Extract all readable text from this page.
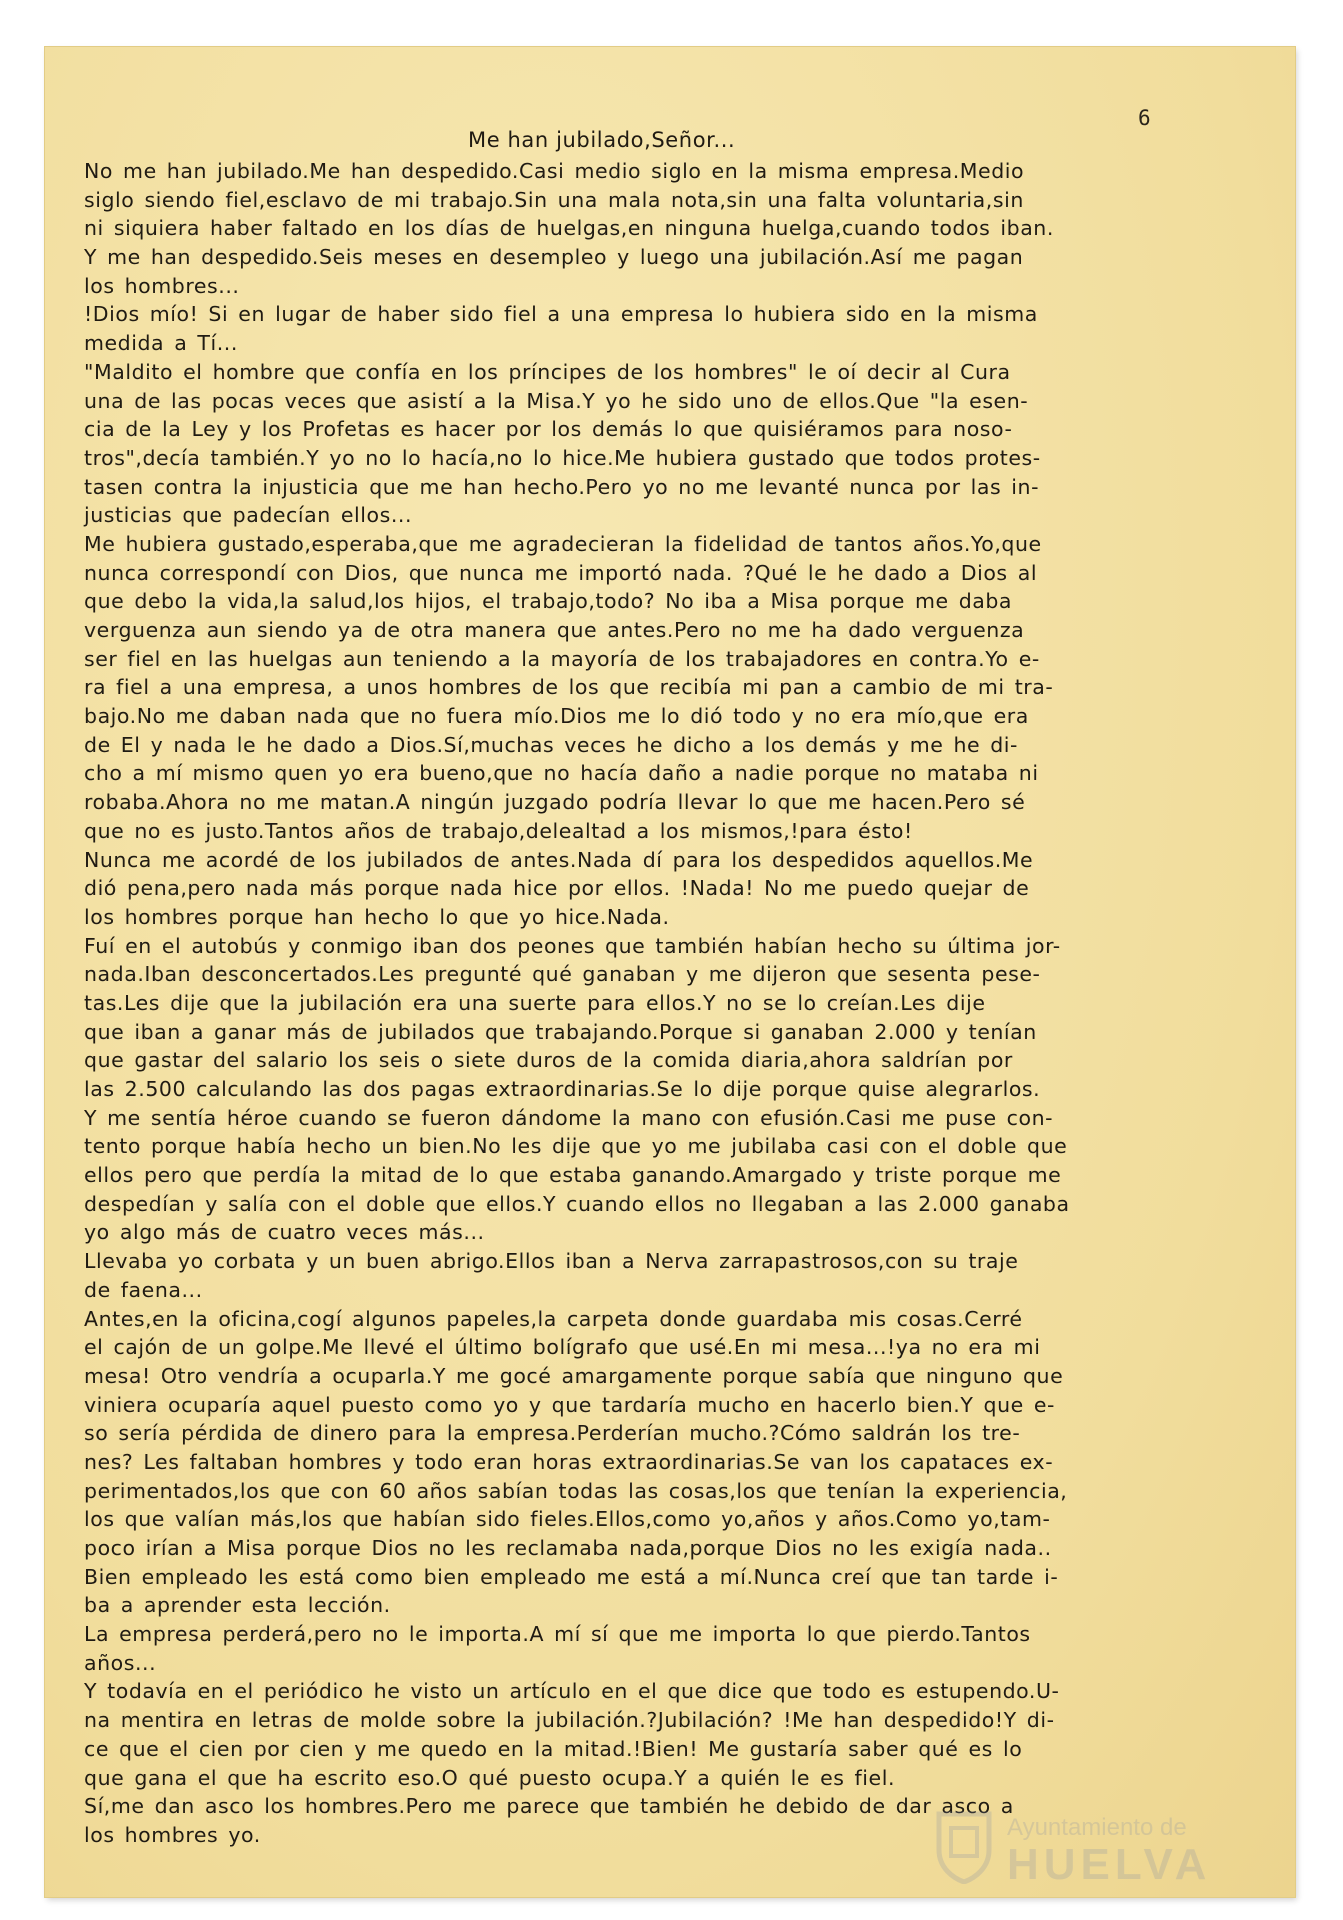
6
Me han jubilado,Señor...
No me han jubilado.Me han despedido.Casi medio siglo en la misma empresa.Medio
siglo siendo fiel,esclavo de mi trabajo.Sin una mala nota,sin una falta voluntaria,sin
ni siquiera haber faltado en los días de huelgas,en ninguna huelga,cuando todos iban.
Y me han despedido.Seis meses en desempleo y luego una jubilación.Así me pagan
los hombres...
!Dios mío! Si en lugar de haber sido fiel a una empresa lo hubiera sido en la misma
medida a Tí...
"Maldito el hombre que confía en los príncipes de los hombres" le oí decir al Cura
una de las pocas veces que asistí a la Misa.Y yo he sido uno de ellos.Que "la esen-
cia de la Ley y los Profetas es hacer por los demás lo que quisiéramos para noso-
tros",decía también.Y yo no lo hacía,no lo hice.Me hubiera gustado que todos protes-
tasen contra la injusticia que me han hecho.Pero yo no me levanté nunca por las in-
justicias que padecían ellos...
Me hubiera gustado,esperaba,que me agradecieran la fidelidad de tantos años.Yo,que
nunca correspondí con Dios, que nunca me importó nada. ?Qué le he dado a Dios al
que debo la vida,la salud,los hijos, el trabajo,todo? No iba a Misa porque me daba
verguenza aun siendo ya de otra manera que antes.Pero no me ha dado verguenza
ser fiel en las huelgas aun teniendo a la mayoría de los trabajadores en contra.Yo e-
ra fiel a una empresa, a unos hombres de los que recibía mi pan a cambio de mi tra-
bajo.No me daban nada que no fuera mío.Dios me lo dió todo y no era mío,que era
de El y nada le he dado a Dios.Sí,muchas veces he dicho a los demás y me he di-
cho a mí mismo quen yo era bueno,que no hacía daño a nadie porque no mataba ni
robaba.Ahora no me matan.A ningún juzgado podría llevar lo que me hacen.Pero sé
que no es justo.Tantos años de trabajo,delealtad a los mismos,!para ésto!
Nunca me acordé de los jubilados de antes.Nada dí para los despedidos aquellos.Me
dió pena,pero nada más porque nada hice por ellos. !Nada! No me puedo quejar de
los hombres porque han hecho lo que yo hice.Nada.
Fuí en el autobús y conmigo iban dos peones que también habían hecho su última jor-
nada.Iban desconcertados.Les pregunté qué ganaban y me dijeron que sesenta pese-
tas.Les dije que la jubilación era una suerte para ellos.Y no se lo creían.Les dije
que iban a ganar más de jubilados que trabajando.Porque si ganaban 2.000 y tenían
que gastar del salario los seis o siete duros de la comida diaria,ahora saldrían por
las 2.500 calculando las dos pagas extraordinarias.Se lo dije porque quise alegrarlos.
Y me sentía héroe cuando se fueron dándome la mano con efusión.Casi me puse con-
tento porque había hecho un bien.No les dije que yo me jubilaba casi con el doble que
ellos pero que perdía la mitad de lo que estaba ganando.Amargado y triste porque me
despedían y salía con el doble que ellos.Y cuando ellos no llegaban a las 2.000 ganaba
yo algo más de cuatro veces más...
Llevaba yo corbata y un buen abrigo.Ellos iban a Nerva zarrapastrosos,con su traje
de faena...
Antes,en la oficina,cogí algunos papeles,la carpeta donde guardaba mis cosas.Cerré
el cajón de un golpe.Me llevé el último bolígrafo que usé.En mi mesa...!ya no era mi
mesa! Otro vendría a ocuparla.Y me gocé amargamente porque sabía que ninguno que
viniera ocuparía aquel puesto como yo y que tardaría mucho en hacerlo bien.Y que e-
so sería pérdida de dinero para la empresa.Perderían mucho.?Cómo saldrán los tre-
nes? Les faltaban hombres y todo eran horas extraordinarias.Se van los capataces ex-
perimentados,los que con 60 años sabían todas las cosas,los que tenían la experiencia,
los que valían más,los que habían sido fieles.Ellos,como yo,años y años.Como yo,tam-
poco irían a Misa porque Dios no les reclamaba nada,porque Dios no les exigía nada..
Bien empleado les está como bien empleado me está a mí.Nunca creí que tan tarde i-
ba a aprender esta lección.
La empresa perderá,pero no le importa.A mí sí que me importa lo que pierdo.Tantos
años...
Y todavía en el periódico he visto un artículo en el que dice que todo es estupendo.U-
na mentira en letras de molde sobre la jubilación.?Jubilación? !Me han despedido!Y di-
ce que el cien por cien y me quedo en la mitad.!Bien! Me gustaría saber qué es lo
que gana el que ha escrito eso.O qué puesto ocupa.Y a quién le es fiel.
Sí,me dan asco los hombres.Pero me parece que también he debido de dar asco a
los hombres yo.	Ayuntamiento de
HUELVA
